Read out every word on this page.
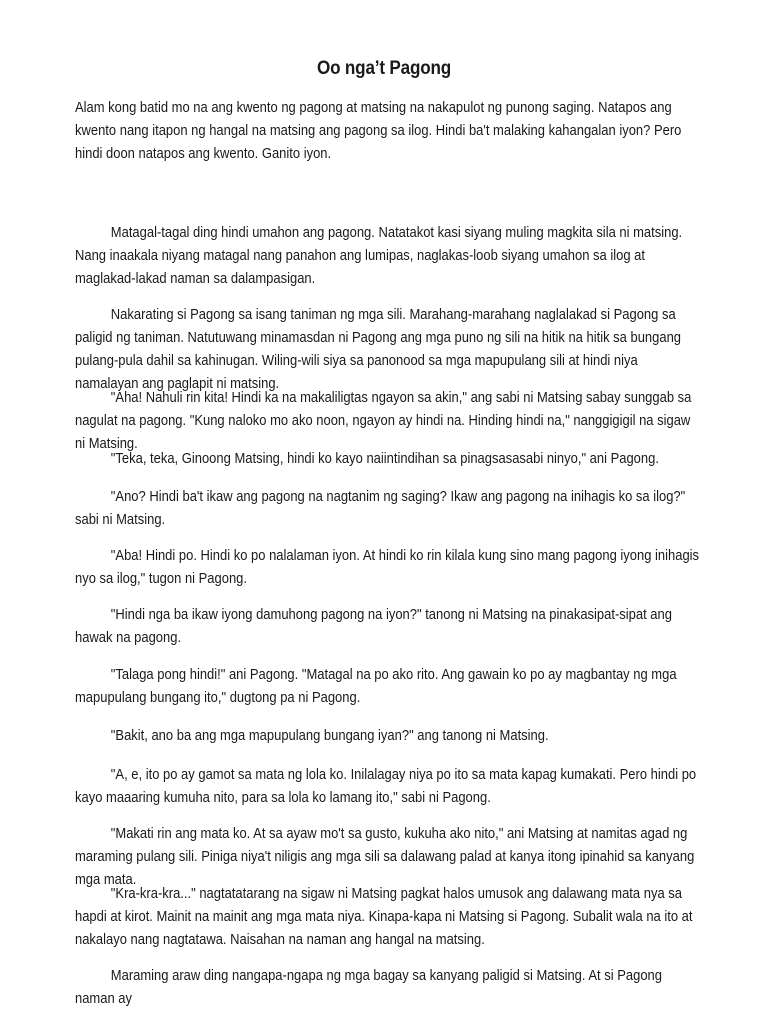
Oo nga’t Pagong

Alam kong batid mo na ang kwento ng pagong at matsing na nakapulot ng punong saging. Natapos ang kwento nang itapon ng hangal na matsing ang pagong sa ilog. Hindi ba't malaking kahangalan iyon? Pero hindi doon natapos ang kwento. Ganito iyon.

Matagal-tagal ding hindi umahon ang pagong. Natatakot kasi siyang muling magkita sila ni matsing. Nang inaakala niyang matagal nang panahon ang lumipas, naglakas-loob siyang umahon sa ilog at maglakad-lakad naman sa dalampasigan.

Nakarating si Pagong sa isang taniman ng mga sili. Marahang-marahang naglalakad si Pagong sa paligid ng taniman. Natutuwang minamasdan ni Pagong ang mga puno ng sili na hitik na hitik sa bungang pulang-pula dahil sa kahinugan. Wiling-wili siya sa panonood sa mga mapupulang sili at hindi niya namalayan ang paglapit ni matsing.

"Aha! Nahuli rin kita! Hindi ka na makaliligtas ngayon sa akin," ang sabi ni Matsing sabay sunggab sa nagulat na pagong. "Kung naloko mo ako noon, ngayon ay hindi na. Hinding hindi na," nanggigigil na sigaw ni Matsing.

"Teka, teka, Ginoong Matsing, hindi ko kayo naiintindihan sa pinagsasasabi ninyo," ani Pagong.

"Ano? Hindi ba't ikaw ang pagong na nagtanim ng saging? Ikaw ang pagong na inihagis ko sa ilog?" sabi ni Matsing.

"Aba! Hindi po. Hindi ko po nalalaman iyon. At hindi ko rin kilala kung sino mang pagong iyong inihagis nyo sa ilog," tugon ni Pagong.

"Hindi nga ba ikaw iyong damuhong pagong na iyon?" tanong ni Matsing na pinakasipat-sipat ang hawak na pagong.

"Talaga pong hindi!" ani Pagong. "Matagal na po ako rito. Ang gawain ko po ay magbantay ng mga mapupulang bungang ito," dugtong pa ni Pagong.

"Bakit, ano ba ang mga mapupulang bungang iyan?" ang tanong ni Matsing.

"A, e, ito po ay gamot sa mata ng lola ko. Inilalagay niya po ito sa mata kapag kumakati. Pero hindi po kayo maaaring kumuha nito, para sa lola ko lamang ito," sabi ni Pagong.

"Makati rin ang mata ko. At sa ayaw mo't sa gusto, kukuha ako nito," ani Matsing at namitas agad ng maraming pulang sili. Piniga niya't niligis ang mga sili sa dalawang palad at kanya itong ipinahid sa kanyang mga mata.

"Kra-kra-kra..." nagtatatarang na sigaw ni Matsing pagkat halos umusok ang dalawang mata nya sa hapdi at kirot. Mainit na mainit ang mga mata niya. Kinapa-kapa ni Matsing si Pagong. Subalit wala na ito at nakalayo nang nagtatawa. Naisahan na naman ang hangal na matsing.

Maraming araw ding nangapa-ngapa ng mga bagay sa kanyang paligid si Matsing. At si Pagong naman ay
